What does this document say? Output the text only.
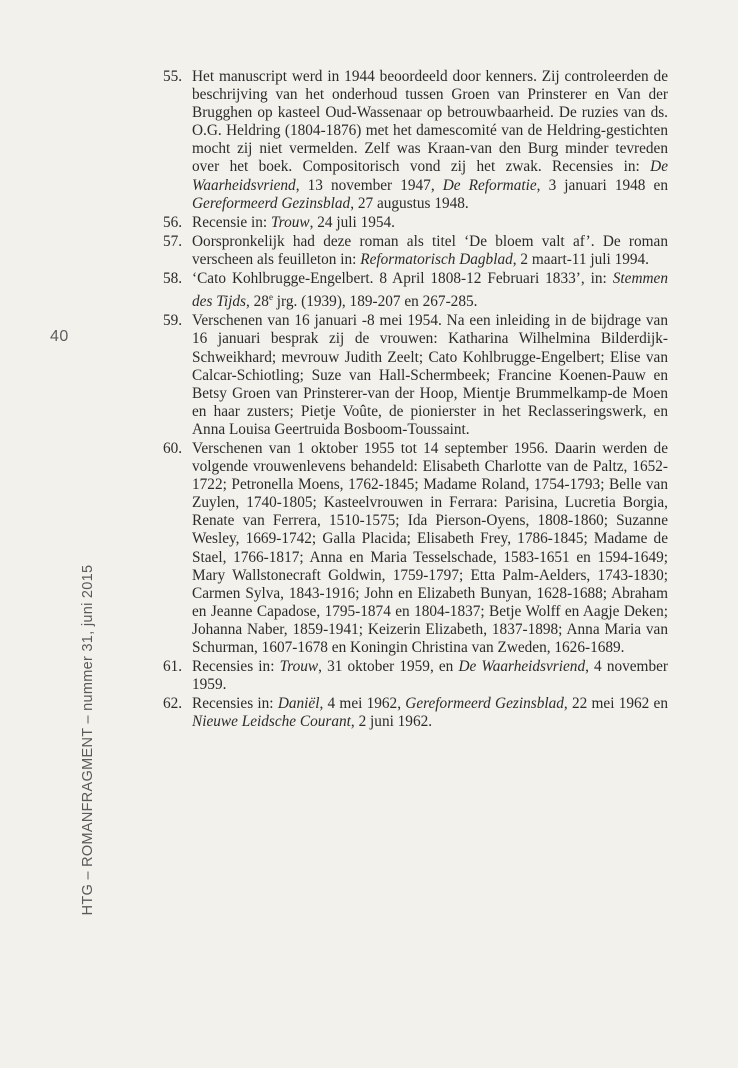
40
HTG – ROMANFRAGMENT – nummer 31, juni 2015
55. Het manuscript werd in 1944 beoordeeld door kenners. Zij controleerden de beschrijving van het onderhoud tussen Groen van Prinsterer en Van der Brugghen op kasteel Oud-Wassenaar op betrouwbaarheid. De ruzies van ds. O.G. Heldring (1804-1876) met het damescomité van de Heldring-gestichten mocht zij niet vermelden. Zelf was Kraan-van den Burg minder tevreden over het boek. Compositorisch vond zij het zwak. Recensies in: De Waarheidsvriend, 13 november 1947, De Reformatie, 3 januari 1948 en Gereformeerd Gezinsblad, 27 augustus 1948.
56. Recensie in: Trouw, 24 juli 1954.
57. Oorspronkelijk had deze roman als titel ‘De bloem valt af’. De roman verscheen als feuilleton in: Reformatorisch Dagblad, 2 maart-11 juli 1994.
58. ‘Cato Kohlbrugge-Engelbert. 8 April 1808-12 Februari 1833’, in: Stemmen des Tijds, 28e jrg. (1939), 189-207 en 267-285.
59. Verschenen van 16 januari -8 mei 1954. Na een inleiding in de bijdrage van 16 januari besprak zij de vrouwen: Katharina Wilhelmina Bilderdijk-Schweikhard; mevrouw Judith Zeelt; Cato Kohlbrugge-Engelbert; Elise van Calcar-Schiotling; Suze van Hall-Schermbeek; Francine Koenen-Pauw en Betsy Groen van Prinsterer-van der Hoop, Mientje Brummelkamp-de Moen en haar zusters; Pietje Voûte, de pionierster in het Reclasseringswerk, en Anna Louisa Geertruida Bosboom-Toussaint.
60. Verschenen van 1 oktober 1955 tot 14 september 1956. Daarin werden de volgende vrouwenlevens behandeld: Elisabeth Charlotte van de Paltz, 1652-1722; Petronella Moens, 1762-1845; Madame Roland, 1754-1793; Belle van Zuylen, 1740-1805; Kasteelvrouwen in Ferrara: Parisina, Lucretia Borgia, Renate van Ferrera, 1510-1575; Ida Pierson-Oyens, 1808-1860; Suzanne Wesley, 1669-1742; Galla Placida; Elisabeth Frey, 1786-1845; Madame de Stael, 1766-1817; Anna en Maria Tesselschade, 1583-1651 en 1594-1649; Mary Wallstonecraft Goldwin, 1759-1797; Etta Palm-Aelders, 1743-1830; Carmen Sylva, 1843-1916; John en Elizabeth Bunyan, 1628-1688; Abraham en Jeanne Capadose, 1795-1874 en 1804-1837; Betje Wolff en Aagje Deken; Johanna Naber, 1859-1941; Keizerin Elizabeth, 1837-1898; Anna Maria van Schurman, 1607-1678 en Koningin Christina van Zweden, 1626-1689.
61. Recensies in: Trouw, 31 oktober 1959, en De Waarheidsvriend, 4 november 1959.
62. Recensies in: Daniël, 4 mei 1962, Gereformeerd Gezinsblad, 22 mei 1962 en Nieuwe Leidsche Courant, 2 juni 1962.
